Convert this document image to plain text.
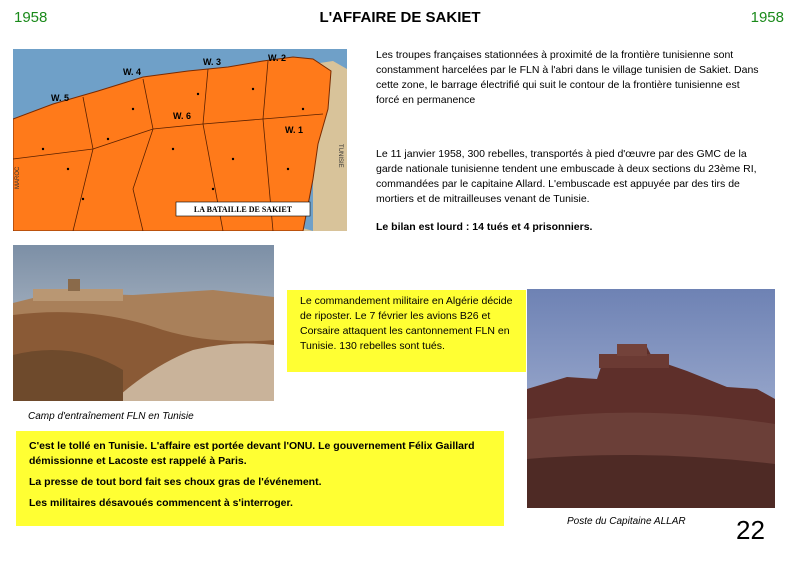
1958	L'AFFAIRE DE SAKIET	1958
W. 4
W. 3	W. 2
W. 5
W. 6
W. 1
MAROC
TUNISIE
LA BATAILLE DE SAKIET
Les troupes françaises stationnées à proximité de la frontière tunisienne sont constamment harcelées par le FLN à l'abri dans le village tunisien de Sakiet. Dans cette zone, le barrage électrifié qui suit le contour de la frontière tunisienne est forcé en permanence
Le 11 janvier 1958, 300 rebelles, transportés à pied d'œuvre par des GMC de la garde nationale tunisienne tendent une embuscade à deux sections du 23ème RI, commandées par le capitaine Allard. L'embuscade est appuyée par des tirs de mortiers et de mitrailleuses venant de Tunisie.
Le bilan est lourd : 14 tués et 4 prisonniers.
Camp d'entraînement FLN en Tunisie
Le commandement militaire en Algérie décide de riposter. Le 7 février les avions B26 et Corsaire attaquent les cantonnement FLN en Tunisie. 130 rebelles sont tués.
Poste du Capitaine ALLAR
C'est le tollé en Tunisie. L'affaire est portée devant l'ONU. Le gouvernement Félix Gaillard démissionne et Lacoste est rappelé à Paris.
La presse de tout bord fait ses choux gras de l'événement.
Les militaires désavoués commencent à s'interroger.
22
